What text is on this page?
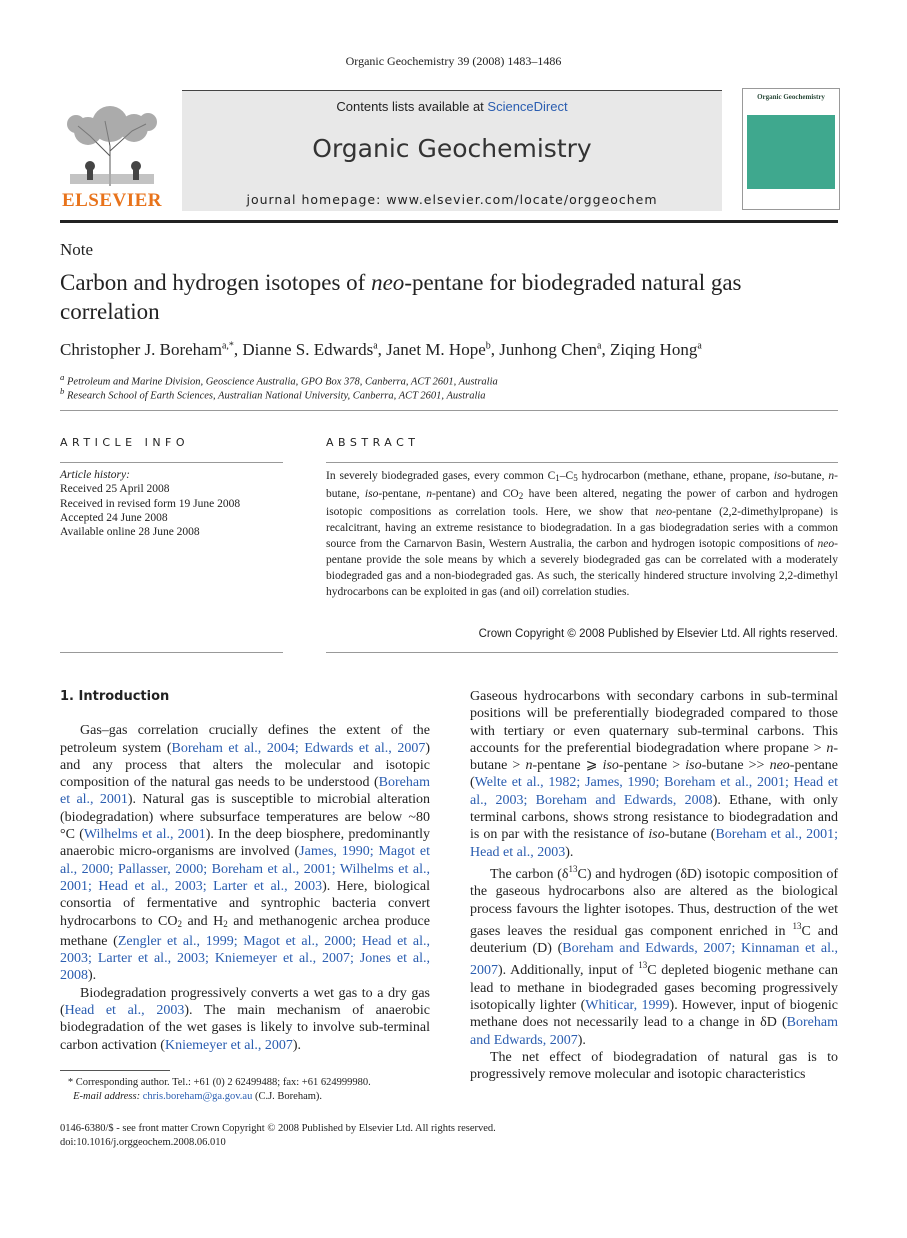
Organic Geochemistry 39 (2008) 1483–1486
ELSEVIER
Contents lists available at ScienceDirect
Organic Geochemistry
journal homepage: www.elsevier.com/locate/orggeochem
Organic Geochemistry
Note
Carbon and hydrogen isotopes of neo-pentane for biodegraded natural gas correlation
Christopher J. Boreham$^{a,*}$, Dianne S. Edwards$^a$, Janet M. Hope$^b$, Junhong Chen$^a$, Ziqing Hong$^a$
$^a$ Petroleum and Marine Division, Geoscience Australia, GPO Box 378, Canberra, ACT 2601, Australia
$^b$ Research School of Earth Sciences, Australian National University, Canberra, ACT 2601, Australia
ARTICLE INFO	ABSTRACT
Article history:
Received 25 April 2008
Received in revised form 19 June 2008
Accepted 24 June 2008
Available online 28 June 2008
In severely biodegraded gases, every common $C_1-C_5$ hydrocarbon (methane, ethane, propane, iso-butane, n-butane, iso-pentane, n-pentane) and $CO_2$ have been altered, negating the power of carbon and hydrogen isotopic compositions as correlation tools. Here, we show that neo-pentane (2,2-dimethylpropane) is recalcitrant, having an extreme resistance to biodegradation. In a gas biodegradation series with a common source from the Carnarvon Basin, Western Australia, the carbon and hydrogen isotopic compositions of neo-pentane provide the sole means by which a severely biodegraded gas can be correlated with a moderately biodegraded gas and a non-biodegraded gas. As such, the sterically hindered structure involving 2,2-dimethyl hydrocarbons can be exploited in gas (and oil) correlation studies.
Crown Copyright © 2008 Published by Elsevier Ltd. All rights reserved.
1. Introduction

Gas–gas correlation crucially defines the extent of the petroleum system (Boreham et al., 2004; Edwards et al., 2007) and any process that alters the molecular and isotopic composition of the natural gas needs to be understood (Boreham et al., 2001). Natural gas is susceptible to microbial alteration (biodegradation) where subsurface temperatures are below ~80 °C (Wilhelms et al., 2001). In the deep biosphere, predominantly anaerobic micro-organisms are involved (James, 1990; Magot et al., 2000; Pallasser, 2000; Boreham et al., 2001; Wilhelms et al., 2001; Head et al., 2003; Larter et al., 2003). Here, biological consortia of fermentative and syntrophic bacteria convert hydrocarbons to $CO_2$ and $H_2$ and methanogenic archea produce methane (Zengler et al., 1999; Magot et al., 2000; Head et al., 2003; Larter et al., 2003; Kniemeyer et al., 2007; Jones et al., 2008).

Biodegradation progressively converts a wet gas to a dry gas (Head et al., 2003). The main mechanism of anaerobic biodegradation of the wet gases is likely to involve sub-terminal carbon activation (Kniemeyer et al., 2007).

Gaseous hydrocarbons with secondary carbons in sub-terminal positions will be preferentially biodegraded compared to those with tertiary or even quaternary sub-terminal carbons. This accounts for the preferential biodegradation where propane > n-butane > n-pentane ⩾ iso-pentane > iso-butane >> neo-pentane (Welte et al., 1982; James, 1990; Boreham et al., 2001; Head et al., 2003; Boreham and Edwards, 2008). Ethane, with only terminal carbons, shows strong resistance to biodegradation and is on par with the resistance of iso-butane (Boreham et al., 2001; Head et al., 2003).

The carbon $(\delta^{13}C)$ and hydrogen (δD) isotopic composition of the gaseous hydrocarbons also are altered as the biological process favours the lighter isotopes. Thus, destruction of the wet gases leaves the residual gas component enriched in $^{13}$C and deuterium (D) (Boreham and Edwards, 2007; Kinnaman et al., 2007). Additionally, input of $^{13}$C depleted biogenic methane can lead to methane in biodegraded gases becoming progressively isotopically lighter (Whiticar, 1999). However, input of biogenic methane does not necessarily lead to a change in δD (Boreham and Edwards, 2007).

The net effect of biodegradation of natural gas is to progressively remove molecular and isotopic characteristics

* Corresponding author. Tel.: +61 (0) 2 62499488; fax: +61 624999980.
E-mail address: chris.boreham@ga.gov.au (C.J. Boreham).
0146-6380/$ - see front matter Crown Copyright © 2008 Published by Elsevier Ltd. All rights reserved.
doi:10.1016/j.orggeochem.2008.06.010
